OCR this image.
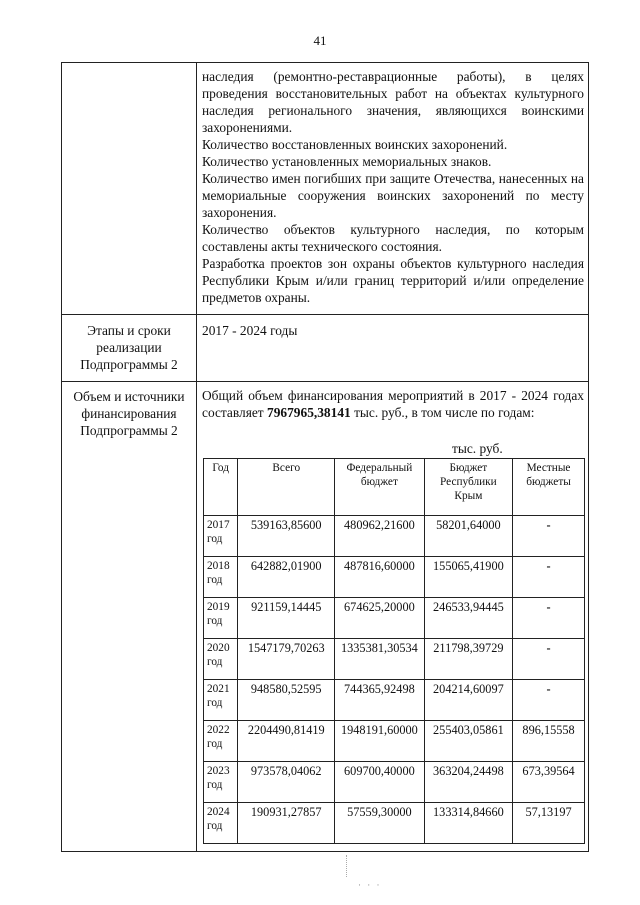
41

наследия (ремонтно-реставрационные работы), в целях проведения восстановительных работ на объектах культурного наследия регионального значения, являющихся воинскими захоронениями.

Количество восстановленных воинских захоронений.

Количество установленных мемориальных знаков.

Количество имен погибших при защите Отечества, нанесенных на мемориальные сооружения воинских захоронений по месту захоронения.

Количество объектов культурного наследия, по которым составлены акты технического состояния.

Разработка проектов зон охраны объектов культурного наследия Республики Крым и/или границ территорий и/или определение предметов охраны.

Этапы и сроки реализации Подпрограммы 2
2017 - 2024 годы
Объем и источники финансирования Подпрограммы 2
Общий объем финансирования мероприятий в 2017 - 2024 годах составляет 7967965,38141 тыс. руб., в том числе по годам:
тыс. руб.
Год	Всего	Федеральный бюджет	Бюджет Республики Крым	Местные бюджеты
2017 год	539163,85600	480962,21600	58201,64000	-
2018 год	642882,01900	487816,60000	155065,41900	-
2019 год	921159,14445	674625,20000	246533,94445	-
2020 год	1547179,70263	1335381,30534	211798,39729	-
2021 год	948580,52595	744365,92498	204214,60097	-
2022 год	2204490,81419	1948191,60000	255403,05861	896,15558
2023 год	973578,04062	609700,40000	363204,24498	673,39564
2024 год	190931,27857	57559,30000	133314,84660	57,13197
· · ·
